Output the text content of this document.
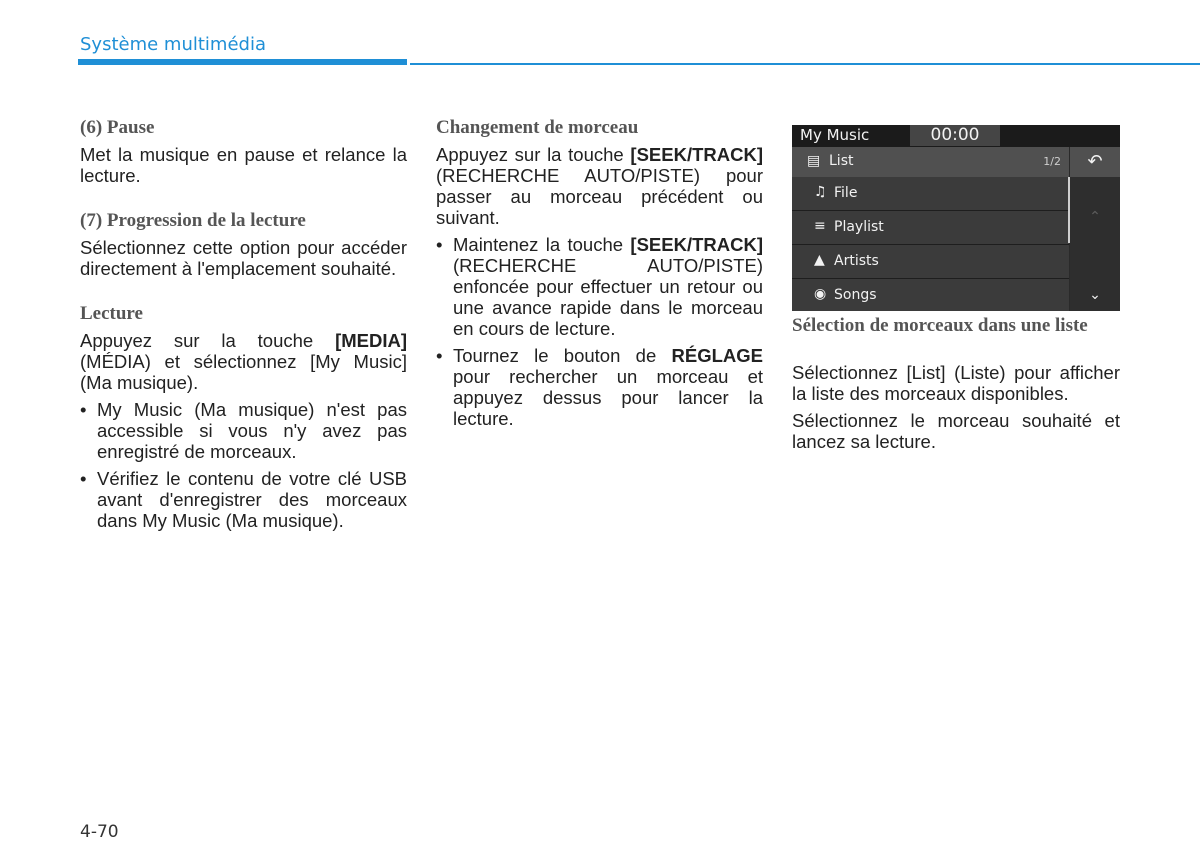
Système multimédia
(6) Pause
Met la musique en pause et relance la lecture.
(7) Progression de la lecture
Sélectionnez cette option pour accéder directement à l'emplacement souhaité.
Lecture
Appuyez sur la touche [MEDIA] (MÉDIA) et sélectionnez [My Music] (Ma musique).
• My Music (Ma musique) n'est pas accessible si vous n'y avez pas enregistré de morceaux.
• Vérifiez le contenu de votre clé USB avant d'enregistrer des morceaux dans My Music (Ma musique).
Changement de morceau
Appuyez sur la touche [SEEK/TRACK] (RECHERCHE AUTO/PISTE) pour passer au morceau précédent ou suivant.
• Maintenez la touche [SEEK/TRACK] (RECHERCHE AUTO/PISTE) enfoncée pour effectuer un retour ou une avance rapide dans le morceau en cours de lecture.
• Tournez le bouton de RÉGLAGE pour rechercher un morceau et appuyez dessus pour lancer la lecture.
My Music	00:00
▤ List	1/2
♫ File
≡ Playlist
▲ Artists
◉ Songs
↶
⌃
⌄
Sélection de morceaux dans une liste
Sélectionnez [List] (Liste) pour afficher la liste des morceaux disponibles.
Sélectionnez le morceau souhaité et lancez sa lecture.
4-70
